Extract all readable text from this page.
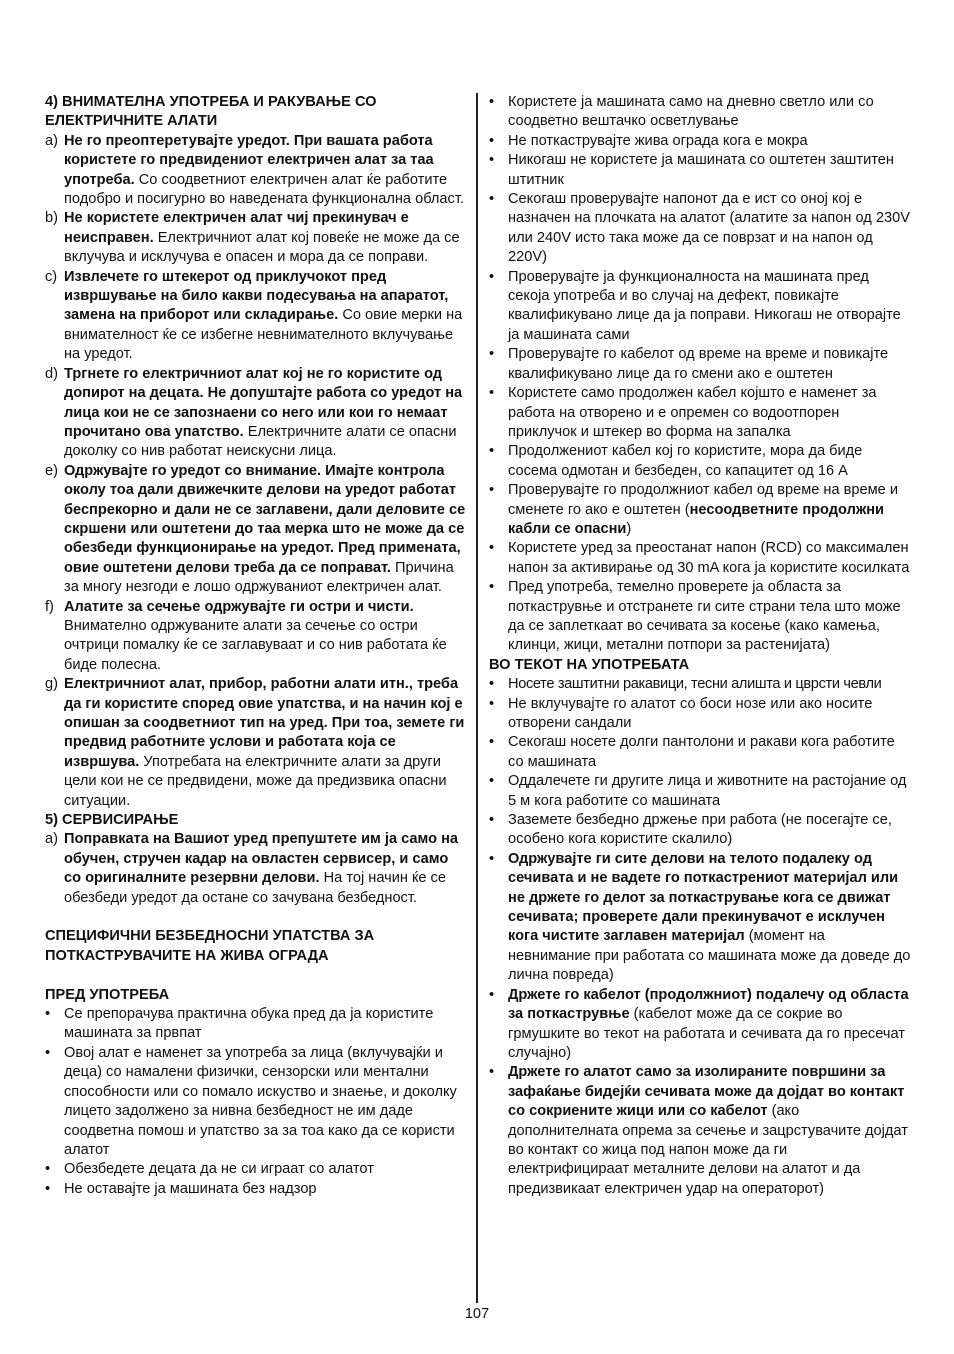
4) ВНИМАТЕЛНА УПОТРЕБА И РАКУВАЊЕ СО ЕЛЕКТРИЧНИТЕ АЛАТИ

a) Не го преоптеретувајте уредот. При вашата работа користете го предвидениот електричен алат за таа употреба. Со соодветниот електричен алат ќе работите подобро и посигурно во наведената функционална област.
b) Не користете електричен алат чиј прекинувач е неисправен. Електричниот алат кој повеќе не може да се вклучува и исклучува е опасен и мора да се поправи.
c) Извлечете го штекерот од приклучокот пред извршување на било какви подесувања на апаратот, замена на приборот или складирање. Со овие мерки на внимателност ќе се избегне невнимателното вклучување на уредот.
d) Тргнете го електричниот алат кој не го користите од допирот на децата. Не допуштајте работа со уредот на лица кои не се запознаени со него или кои го немаат прочитано ова упатство. Електричните алати се опасни доколку со нив работат неискусни лица.
e) Одржувајте го уредот со внимание. Имајте контрола околу тоа дали движечките делови на уредот работат беспрекорно и дали не се заглавени, дали деловите се скршени или оштетени до таа мерка што не може да се обезбеди функционирање на уредот. Пред примената, овие оштетени делови треба да се поправат. Причина за многу незгоди е лошо одржуваниот електричен алат.
f) Алатите за сечење одржувајте ги остри и чисти. Внимателно одржуваните алати за сечење со остри очтрици помалку ќе се заглавуваат и со нив работата ќе биде полесна.
g) Електричниот алат, прибор, работни алати итн., треба да ги користите според овие упатства, и на начин кој е опишан за соодветниот тип на уред. При тоа, земете ги предвид работните услови и работата која се извршува. Употребата на електричните алати за други цели кои не се предвидени, може да предизвика опасни ситуации.

5) СЕРВИСИРАЊЕ

a) Поправката на Вашиот уред препуштете им ја само на обучен, стручен кадар на овластен сервисер, и само со оригиналните резервни делови. На тој начин ќе се обезбеди уредот да остане со зачувана безбедност.

СПЕЦИФИЧНИ БЕЗБЕДНОСНИ УПАТСТВА ЗА ПОТКАСТРУВАЧИТЕ НА ЖИВА ОГРАДА

ПРЕД УПОТРЕБА

• Се препорачува практична обука пред да ја користите машината за првпат
• Овој алат е наменет за употреба за лица (вклучувајќи и деца) со намалени физички, сензорски или ментални способности или со помало искуство и знаење, и доколку лицето задолжено за нивна безбедност не им даде соодветна помош и упатство за за тоа како да се користи алатот
• Обезбедете децата да не си играат со алатот
• Не оставајте ја машината без надзор
• Користете ја машината само на дневно светло или со соодветно вештачко осветлување
• Не поткаструвајте жива ограда кога е мокра
• Никогаш не користете ја машината со оштетен заштитен штитник
• Секогаш проверувајте напонот да е ист со оној кој е назначен на плочката на алатот (алатите за напон од 230V или 240V исто така може да се поврзат и на напон од 220V)
• Проверувајте ја функционалноста на машината пред секоја употреба и во случај на дефект, повикајте квалификувано лице да ја поправи. Никогаш не отворајте ја машината сами
• Проверувајте го кабелот од време на време и повикајте квалификувано лице да го смени ако е оштетен
• Користете само продолжен кабел којшто е наменет за работа на отворено и е опремен со водоотпорен приклучок и штекер во форма на запалка
• Продолжениот кабел кој го користите, мора да биде сосема одмотан и безбеден, со капацитет од 16 А
• Проверувајте го продолжниот кабел од време на време и сменете го ако е оштетен (несоодветните продолжни кабли се опасни)
• Користете уред за преостанат напон (RCD) со максимален напон за активирање од 30 mA кога ја користите косилката
• Пред употреба, темелно проверете ја областа за поткаструвње и отстранете ги сите страни тела што може да се заплеткаат во сечивата за косење (како камења, клинци, жици, метални потпори за растенијата)

ВО ТЕКОТ НА УПОТРЕБАТА

• Носете заштитни ракавици, тесни алишта и цврсти чевли
• Не вклучувајте го алатот со боси нозе или ако носите отворени сандали
• Секогаш носете долги пантолони и ракави кога работите со машината
• Оддалечете ги другите лица и животните на растојание од 5 м кога работите со машината
• Заземете безбедно држење при работа (не посегајте се, особено кога користите скалило)
• Одржувајте ги сите делови на телото подалеку од сечивата и не вадете го поткастрениот материјал или не држете го делот за поткастрување кога се движат сечивата; проверете дали прекинувачот е исклучен кога чистите заглавен материјал (момент на невнимание при работата со машината може да доведе до лична повреда)
• Држете го кабелот (продолжниот) подалечу од областа за поткаструвње (кабелот може да се сокрие во грмушките во текот на работата и сечивата да го пресечат случајно)
• Држете го алатот само за изолираните површини за зафаќање бидејќи сечивата може да дојдат во контакт со сокриените жици или со кабелот (ако дополнителната опрема за сечење и зацрстувачите дојдат во контакт со жица под напон може да ги електрифицираат металните делови на алатот и да предизвикаат електричен удар на операторот)
107
